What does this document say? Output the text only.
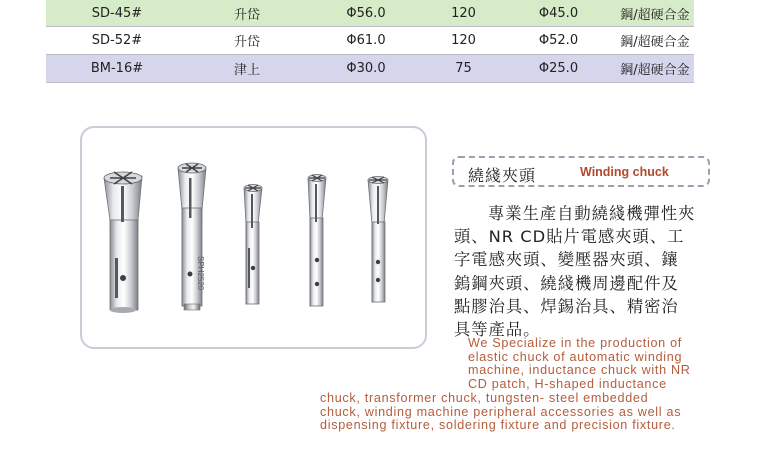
SD-45#	升岱	Φ56.0	120	Φ45.0	鋼/超硬合金
SD-52#	升岱	Φ61.0	120	Φ52.0	鋼/超硬合金
BM-16#	津上	Φ30.0	75	Φ25.0	鋼/超硬合金
SPH2520
繞綫夾頭	Winding chuck
專業生產自動繞綫機彈性夾
頭、NR CD貼片電感夾頭、工
字電感夾頭、變壓器夾頭、鑲
鎢鋼夾頭、繞綫機周邊配件及
點膠治具、焊錫治具、精密治
具等產品。
We Specialize in the production of
elastic chuck of automatic winding
machine, inductance chuck with NR
CD patch, H-shaped inductance
chuck, transformer chuck, tungsten- steel embedded
chuck, winding machine peripheral accessories as well as
dispensing fixture, soldering fixture and precision fixture.
